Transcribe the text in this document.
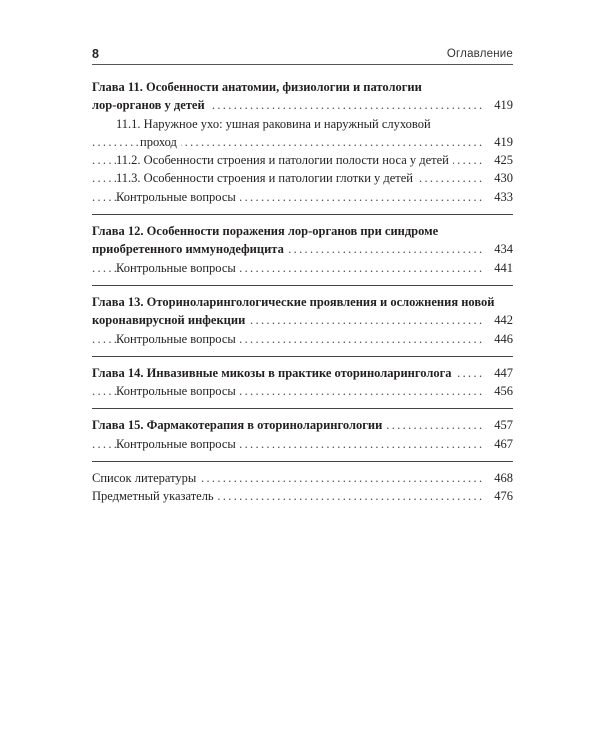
8	Оглавление
Глава 11. Особенности анатомии, физиологии и патологии
. . .
лор-органов у детей	419
11.1. Наружное ухо: ушная раковина и наружный слуховой
. . .
проход	419
. . .
11.2. Особенности строения и патологии полости носа у детей	425
. . .
11.3. Особенности строения и патологии глотки у детей	430
. . .
Контрольные вопросы	433
Глава 12. Особенности поражения лор-органов при синдроме
. . .
приобретенного иммунодефицита	434
. . .
Контрольные вопросы	441
Глава 13. Оториноларингологические проявления и осложнения новой
. . .
коронавирусной инфекции	442
. . .
Контрольные вопросы	446
. . .
Глава 14. Инвазивные микозы в практике оториноларинголога	447
. . .
Контрольные вопросы	456
. . .
Глава 15. Фармакотерапия в оториноларингологии	457
. . .
Контрольные вопросы	467
. . .
Список литературы	468
. . .
Предметный указатель	476
